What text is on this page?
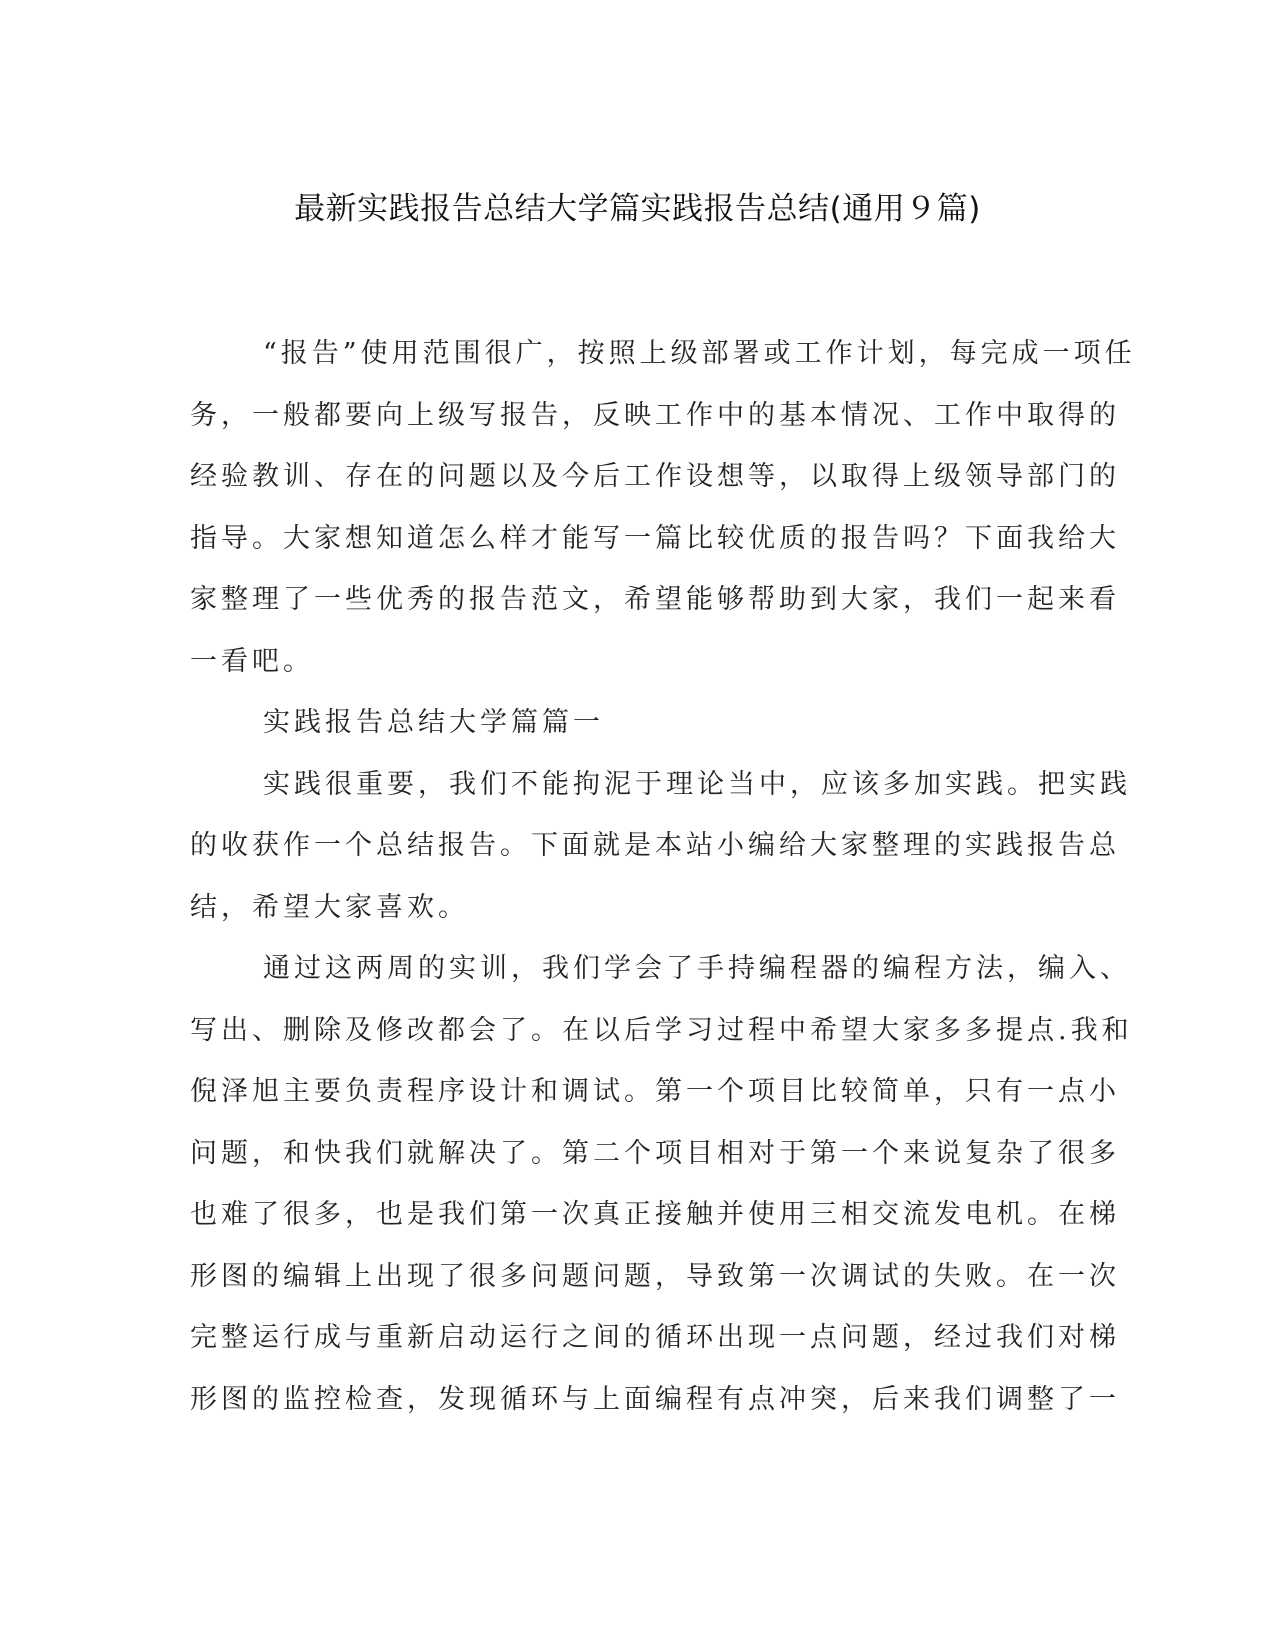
最新实践报告总结大学篇实践报告总结(通用９篇)
“报告”使用范围很广，按照上级部署或工作计划，每完成一项任
务，一般都要向上级写报告，反映工作中的基本情况、工作中取得的
经验教训、存在的问题以及今后工作设想等，以取得上级领导部门的
指导。大家想知道怎么样才能写一篇比较优质的报告吗？下面我给大
家整理了一些优秀的报告范文，希望能够帮助到大家，我们一起来看
一看吧。
实践报告总结大学篇篇一
实践很重要，我们不能拘泥于理论当中，应该多加实践。把实践
的收获作一个总结报告。下面就是本站小编给大家整理的实践报告总
结，希望大家喜欢。
通过这两周的实训，我们学会了手持编程器的编程方法，编入、
写出、删除及修改都会了。在以后学习过程中希望大家多多提点.我和
倪泽旭主要负责程序设计和调试。第一个项目比较简单，只有一点小
问题，和快我们就解决了。第二个项目相对于第一个来说复杂了很多
也难了很多，也是我们第一次真正接触并使用三相交流发电机。在梯
形图的编辑上出现了很多问题问题，导致第一次调试的失败。在一次
完整运行成与重新启动运行之间的循环出现一点问题，经过我们对梯
形图的监控检查，发现循环与上面编程有点冲突，后来我们调整了一
